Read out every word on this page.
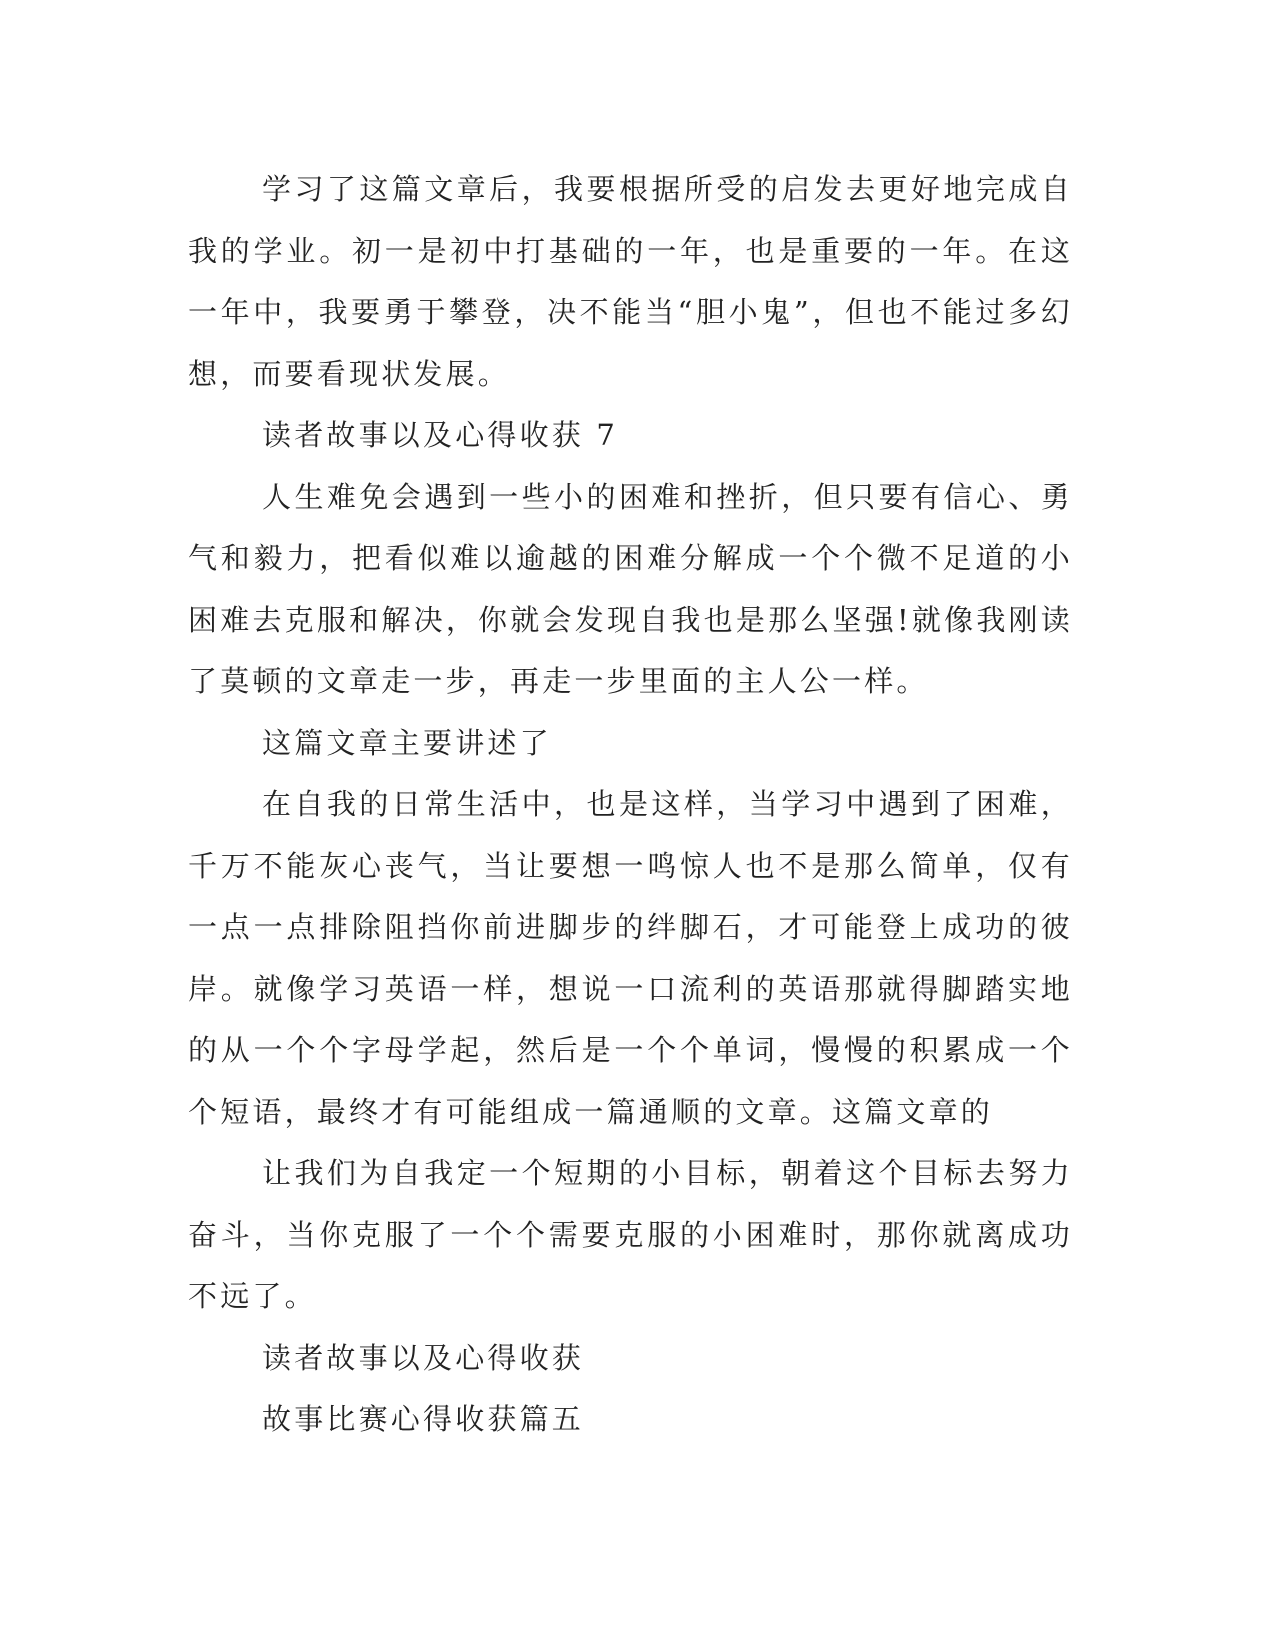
学习了这篇文章后，我要根据所受的启发去更好地完成自我的学业。初一是初中打基础的一年，也是重要的一年。在这一年中，我要勇于攀登，决不能当“胆小鬼”，但也不能过多幻想，而要看现状发展。

读者故事以及心得收获 7

人生难免会遇到一些小的困难和挫折，但只要有信心、勇气和毅力，把看似难以逾越的困难分解成一个个微不足道的小困难去克服和解决，你就会发现自我也是那么坚强!就像我刚读了莫顿的文章走一步，再走一步里面的主人公一样。

这篇文章主要讲述了

在自我的日常生活中，也是这样，当学习中遇到了困难，千万不能灰心丧气，当让要想一鸣惊人也不是那么简单，仅有一点一点排除阻挡你前进脚步的绊脚石，才可能登上成功的彼岸。就像学习英语一样，想说一口流利的英语那就得脚踏实地的从一个个字母学起，然后是一个个单词，慢慢的积累成一个个短语，最终才有可能组成一篇通顺的文章。这篇文章的

让我们为自我定一个短期的小目标，朝着这个目标去努力奋斗，当你克服了一个个需要克服的小困难时，那你就离成功不远了。

读者故事以及心得收获

故事比赛心得收获篇五
